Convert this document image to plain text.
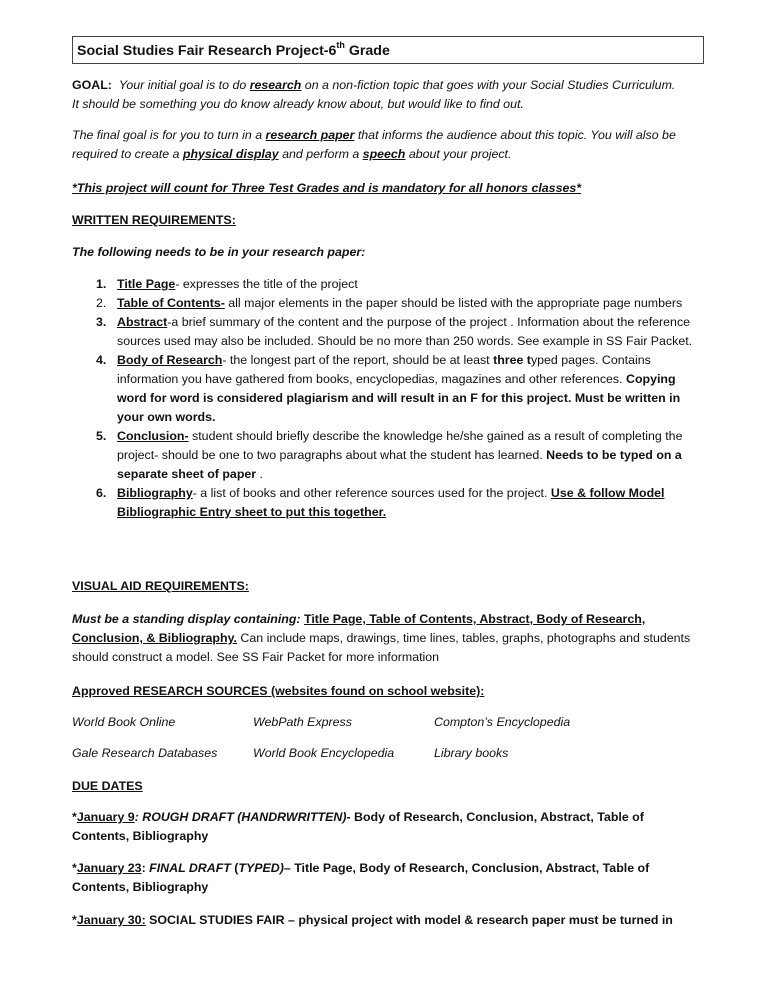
Social Studies Fair Research Project-6th Grade

GOAL: Your initial goal is to do research on a non-fiction topic that goes with your Social Studies Curriculum.

It should be something you do know already know about, but would like to find out.

The final goal is for you to turn in a research paper that informs the audience about this topic. You will also be

required to create a physical display and perform a speech about your project.

*This project will count for Three Test Grades and is mandatory for all honors classes*

WRITTEN REQUIREMENTS:

The following needs to be in your research paper:

1. Title Page- expresses the title of the project
2. Table of Contents- all major elements in the paper should be listed with the appropriate page numbers
3. Abstract-a brief summary of the content and the purpose of the project . Information about the reference sources used may also be included. Should be no more than 250 words. See example in SS Fair Packet.
4. Body of Research- the longest part of the report, should be at least three typed pages. Contains information you have gathered from books, encyclopedias, magazines and other references. Copying word for word is considered plagiarism and will result in an F for this project. Must be written in your own words.
5. Conclusion- student should briefly describe the knowledge he/she gained as a result of completing the project- should be one to two paragraphs about what the student has learned. Needs to be typed on a separate sheet of paper .
6. Bibliography- a list of books and other reference sources used for the project. Use & follow Model Bibliographic Entry sheet to put this together.

VISUAL AID REQUIREMENTS:

Must be a standing display containing: Title Page, Table of Contents, Abstract, Body of Research, Conclusion, & Bibliography. Can include maps, drawings, time lines, tables, graphs, photographs and students should construct a model. See SS Fair Packet for more information

Approved RESEARCH SOURCES (websites found on school website):

World Book Online	WebPath Express	Compton’s Encyclopedia
Gale Research Databases	World Book Encyclopedia	Library books

DUE DATES

*January 9: ROUGH DRAFT (HANDRWRITTEN)- Body of Research, Conclusion, Abstract, Table of Contents, Bibliography

*January 23: FINAL DRAFT (TYPED)– Title Page, Body of Research, Conclusion, Abstract, Table of Contents, Bibliography

*January 30: SOCIAL STUDIES FAIR – physical project with model & research paper must be turned in
